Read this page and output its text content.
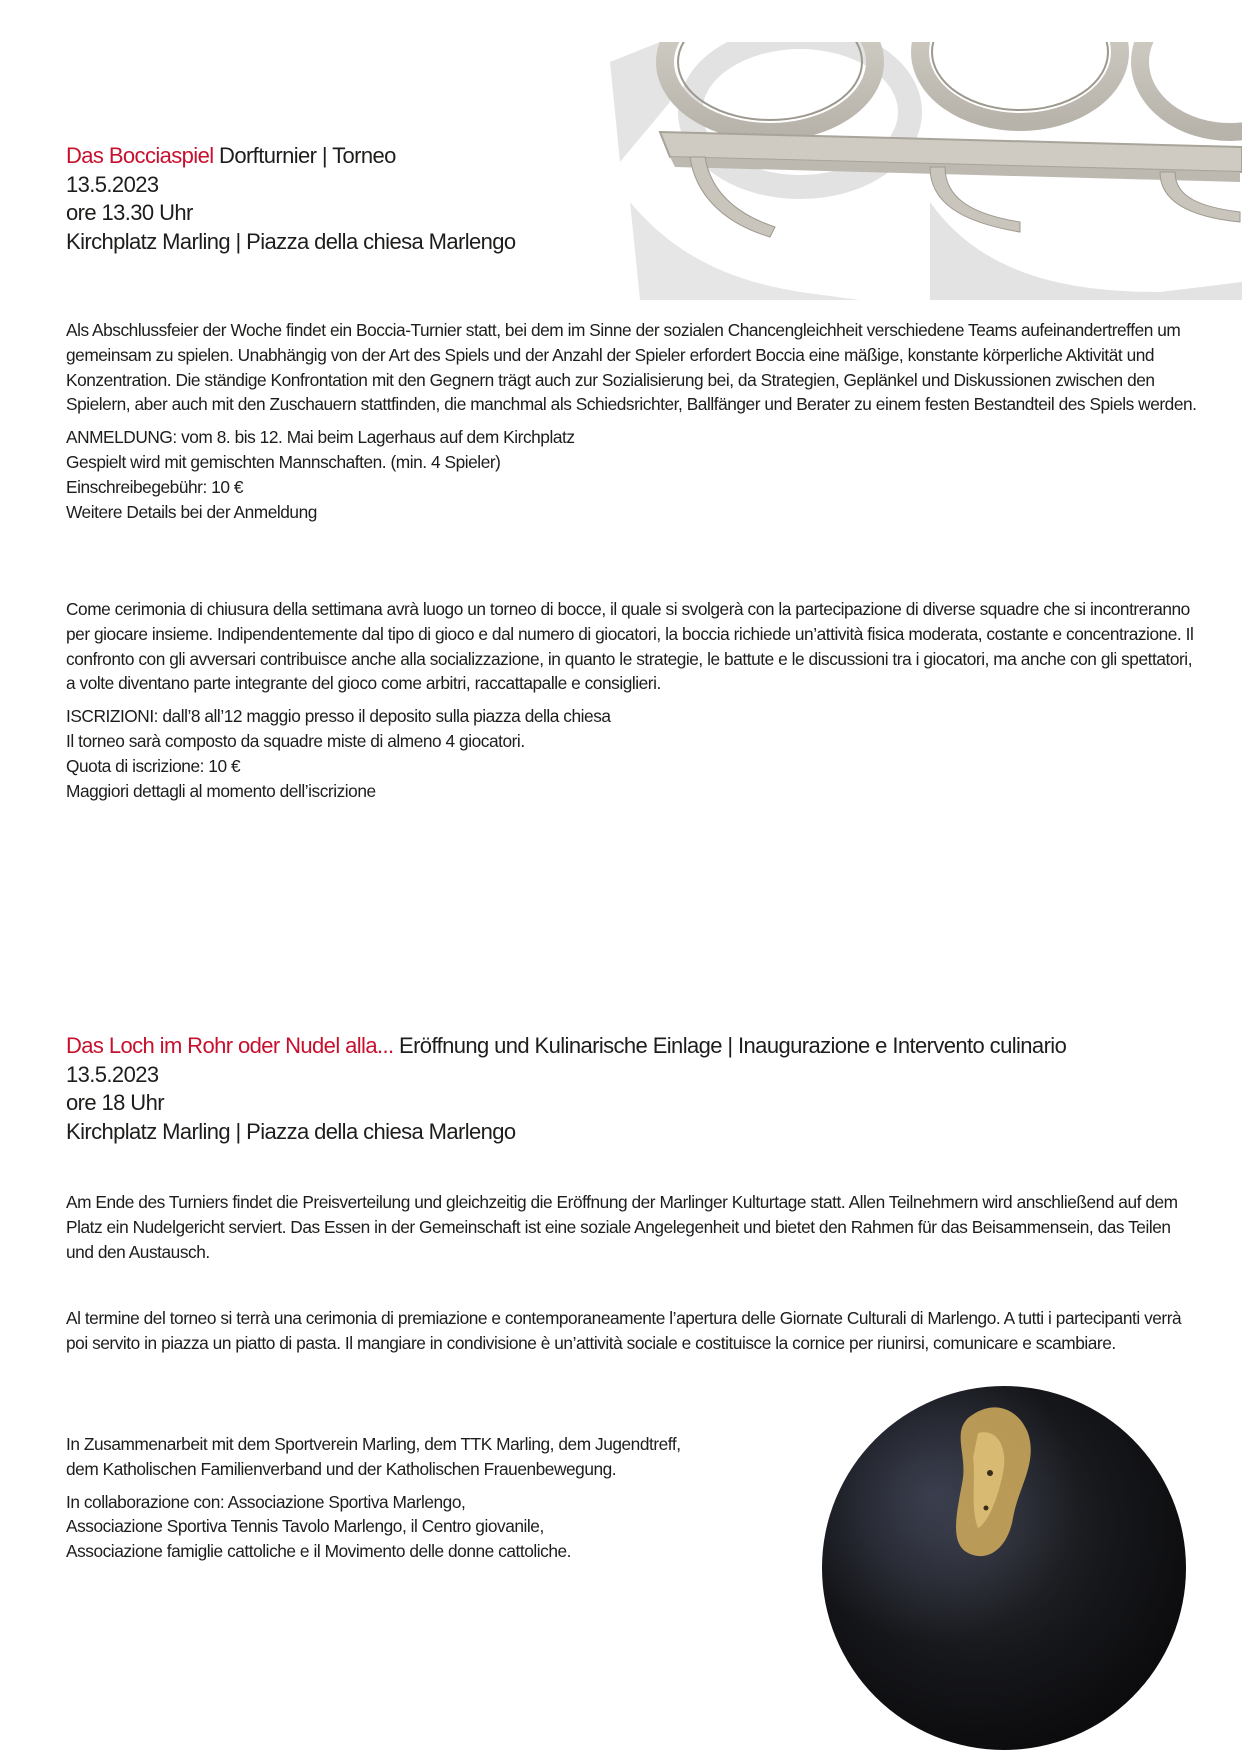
Das Bocciaspiel Dorfturnier | Torneo
13.5.2023
ore 13.30 Uhr
Kirchplatz Marling | Piazza della chiesa Marlengo

Als Abschlussfeier der Woche findet ein Boccia-Turnier statt, bei dem im Sinne der sozialen Chancengleichheit verschiedene Teams aufeinandertreffen um gemeinsam zu spielen. Unabhängig von der Art des Spiels und der Anzahl der Spieler erfordert Boccia eine mäßige, konstante körperliche Aktivität und Konzentration. Die ständige Konfrontation mit den Gegnern trägt auch zur Sozialisierung bei, da Strategien, Geplänkel und Diskussionen zwischen den Spielern, aber auch mit den Zuschauern stattfinden, die manchmal als Schiedsrichter, Ballfänger und Berater zu einem festen Bestandteil des Spiels werden.

ANMELDUNG: vom 8. bis 12. Mai beim Lagerhaus auf dem Kirchplatz

Gespielt wird mit gemischten Mannschaften. (min. 4 Spieler)

Einschreibegebühr: 10 €

Weitere Details bei der Anmeldung

Come cerimonia di chiusura della settimana avrà luogo un torneo di bocce, il quale si svolgerà con la partecipazione di diverse squadre che si incontreranno per giocare insieme. Indipendentemente dal tipo di gioco e dal numero di giocatori, la boccia richiede un’attività fisica moderata, costante e concentrazione. Il confronto con gli avversari contribuisce anche alla socializzazione, in quanto le strategie, le battute e le discussioni tra i giocatori, ma anche con gli spettatori, a volte diventano parte integrante del gioco come arbitri, raccattapalle e consiglieri.

ISCRIZIONI: dall’8 all’12 maggio presso il deposito sulla piazza della chiesa

Il torneo sarà composto da squadre miste di almeno 4 giocatori.

Quota di iscrizione: 10 €

Maggiori dettagli al momento dell’iscrizione

Das Loch im Rohr oder Nudel alla... Eröffnung und Kulinarische Einlage | Inaugurazione e Intervento culinario
13.5.2023
ore 18 Uhr
Kirchplatz Marling | Piazza della chiesa Marlengo

Am Ende des Turniers findet die Preisverteilung und gleichzeitig die Eröffnung der Marlinger Kulturtage statt. Allen Teilnehmern wird anschließend auf dem Platz ein Nudelgericht serviert. Das Essen in der Gemeinschaft ist eine soziale Angelegenheit und bietet den Rahmen für das Beisammensein, das Teilen und den Austausch.

Al termine del torneo si terrà una cerimonia di premiazione e contemporaneamente l’apertura delle Giornate Culturali di Marlengo. A tutti i partecipanti verrà poi servito in piazza un piatto di pasta. Il mangiare in condivisione è un’attività sociale e costituisce la cornice per riunirsi, comunicare e scambiare.

In Zusammenarbeit mit dem Sportverein Marling, dem TTK Marling, dem Jugendtreff,

dem Katholischen Familienverband und der Katholischen Frauenbewegung.

In collaborazione con: Associazione Sportiva Marlengo,

Associazione Sportiva Tennis Tavolo Marlengo, il Centro giovanile,

Associazione famiglie cattoliche e il Movimento delle donne cattoliche.
